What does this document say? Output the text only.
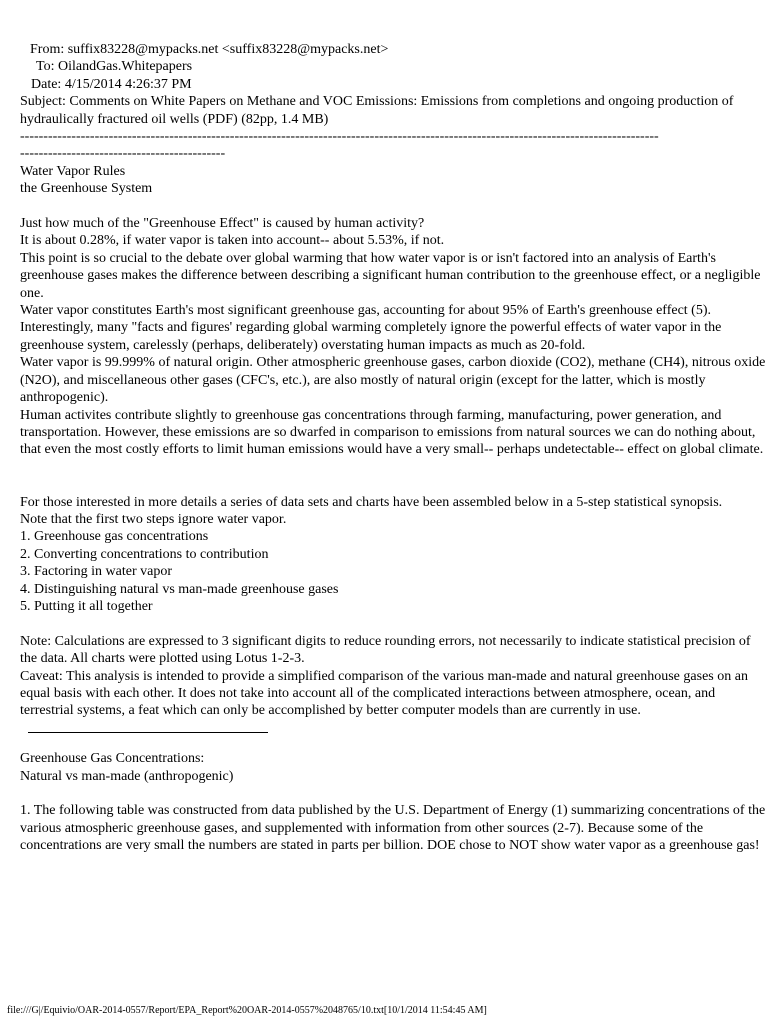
From: suffix83228@mypacks.net <suffix83228@mypacks.net>
To: OilandGas.Whitepapers
Date: 4/15/2014 4:26:37 PM
Subject: Comments on White Papers on Methane and VOC Emissions: Emissions from completions and ongoing production of hydraulically fractured oil wells (PDF) (82pp, 1.4 MB)
-----------------------------------------------------------------------------------------------------------------------------------------
--------------------------------------------
Water Vapor Rules
the Greenhouse System
Just how much of the "Greenhouse Effect" is caused by human activity?
It is about 0.28%, if water vapor is taken into account-- about 5.53%, if not.
This point is so crucial to the debate over global warming that how water vapor is or isn't factored into an analysis of Earth's greenhouse gases makes the difference between describing a significant human contribution to the greenhouse effect, or a negligible one.
Water vapor constitutes Earth's most significant greenhouse gas, accounting for about 95% of Earth's greenhouse effect (5). Interestingly, many "facts and figures' regarding global warming completely ignore the powerful effects of water vapor in the greenhouse system, carelessly (perhaps, deliberately) overstating human impacts as much as 20-fold.
Water vapor is 99.999% of natural origin. Other atmospheric greenhouse gases, carbon dioxide (CO2), methane (CH4), nitrous oxide (N2O), and miscellaneous other gases (CFC's, etc.), are also mostly of natural origin (except for the latter, which is mostly anthropogenic).
Human activites contribute slightly to greenhouse gas concentrations through farming, manufacturing, power generation, and transportation. However, these emissions are so dwarfed in comparison to emissions from natural sources we can do nothing about, that even the most costly efforts to limit human emissions would have a very small-- perhaps undetectable-- effect on global climate.
For those interested in more details a series of data sets and charts have been assembled below in a 5-step statistical synopsis.
Note that the first two steps ignore water vapor.
1. Greenhouse gas concentrations
2. Converting concentrations to contribution
3. Factoring in water vapor
4. Distinguishing natural vs man-made greenhouse gases
5. Putting it all together
Note: Calculations are expressed to 3 significant digits to reduce rounding errors, not necessarily to indicate statistical precision of the data. All charts were plotted using Lotus 1-2-3.
Caveat: This analysis is intended to provide a simplified comparison of the various man-made and natural greenhouse gases on an equal basis with each other. It does not take into account all of the complicated interactions between atmosphere, ocean, and terrestrial systems, a feat which can only be accomplished by better computer models than are currently in use.
Greenhouse Gas Concentrations:
Natural vs man-made (anthropogenic)
1. The following table was constructed from data published by the U.S. Department of Energy (1) summarizing concentrations of the various atmospheric greenhouse gases, and supplemented with information from other sources (2-7). Because some of the concentrations are very small the numbers are stated in parts per billion. DOE chose to NOT show water vapor as a greenhouse gas!
file:///G|/Equivio/OAR-2014-0557/Report/EPA_Report%20OAR-2014-0557%2048765/10.txt[10/1/2014 11:54:45 AM]
